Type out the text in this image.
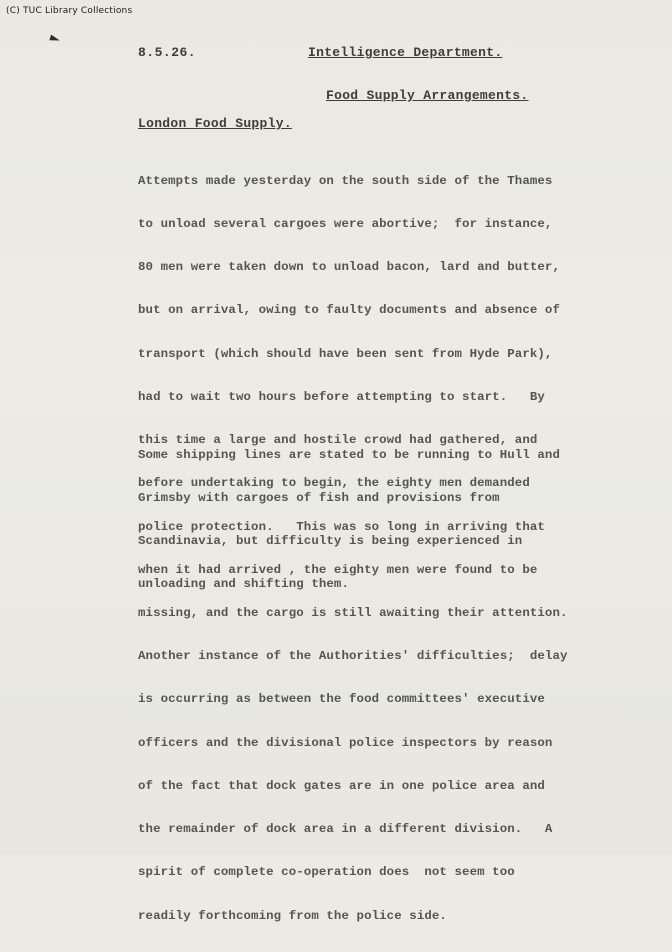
(C) TUC Library Collections
8.5.26.	Intelligence Department.
Food Supply Arrangements.
London Food Supply.

Attempts made yesterday on the south side of the Thames

to unload several cargoes were abortive;  for instance,

80 men were taken down to unload bacon, lard and butter,

but on arrival, owing to faulty documents and absence of

transport (which should have been sent from Hyde Park),

had to wait two hours before attempting to start.   By

this time a large and hostile crowd had gathered, and

before undertaking to begin, the eighty men demanded

police protection.   This was so long in arriving that

when it had arrived , the eighty men were found to be

missing, and the cargo is still awaiting their attention.

Another instance of the Authorities' difficulties;  delay

is occurring as between the food committees' executive

officers and the divisional police inspectors by reason

of the fact that dock gates are in one police area and

the remainder of dock area in a different division.   A

spirit of complete co-operation does  not seem too

readily forthcoming from the police side.

Some shipping lines are stated to be running to Hull and

Grimsby with cargoes of fish and provisions from

Scandinavia, but difficulty is being experienced in

unloading and shifting them.
